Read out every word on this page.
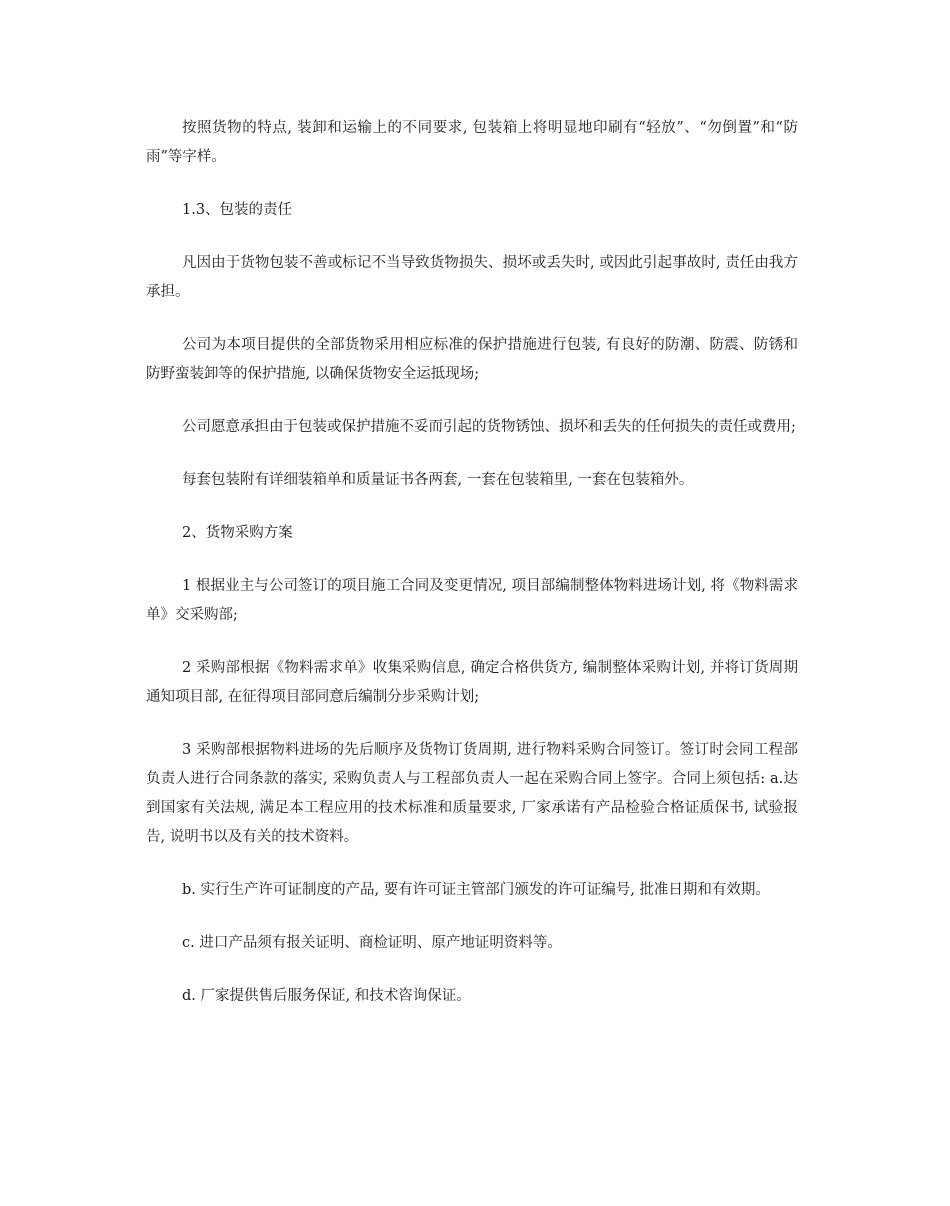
按照货物的特点, 装卸和运输上的不同要求, 包装箱上将明显地印刷有“轻放”、“勿倒置”和“防雨”等字样。

1.3、包装的责任

凡因由于货物包装不善或标记不当导致货物损失、损坏或丢失时, 或因此引起事故时, 责任由我方承担。

公司为本项目提供的全部货物采用相应标准的保护措施进行包装, 有良好的防潮、防震、防锈和防野蛮装卸等的保护措施, 以确保货物安全运抵现场;

公司愿意承担由于包装或保护措施不妥而引起的货物锈蚀、损坏和丢失的任何损失的责任或费用;

每套包装附有详细装箱单和质量证书各两套, 一套在包装箱里, 一套在包装箱外。

2、货物采购方案

1 根据业主与公司签订的项目施工合同及变更情况, 项目部编制整体物料进场计划, 将《物料需求单》交采购部;

2 采购部根据《物料需求单》收集采购信息, 确定合格供货方, 编制整体采购计划, 并将订货周期通知项目部, 在征得项目部同意后编制分步采购计划;

3 采购部根据物料进场的先后顺序及货物订货周期, 进行物料采购合同签订。签订时会同工程部负责人进行合同条款的落实, 采购负责人与工程部负责人一起在采购合同上签字。合同上须包括: a.达到国家有关法规, 满足本工程应用的技术标准和质量要求, 厂家承诺有产品检验合格证质保书, 试验报告, 说明书以及有关的技术资料。

b. 实行生产许可证制度的产品, 要有许可证主管部门颁发的许可证编号, 批准日期和有效期。

c. 进口产品须有报关证明、商检证明、原产地证明资料等。

d. 厂家提供售后服务保证, 和技术咨询保证。
